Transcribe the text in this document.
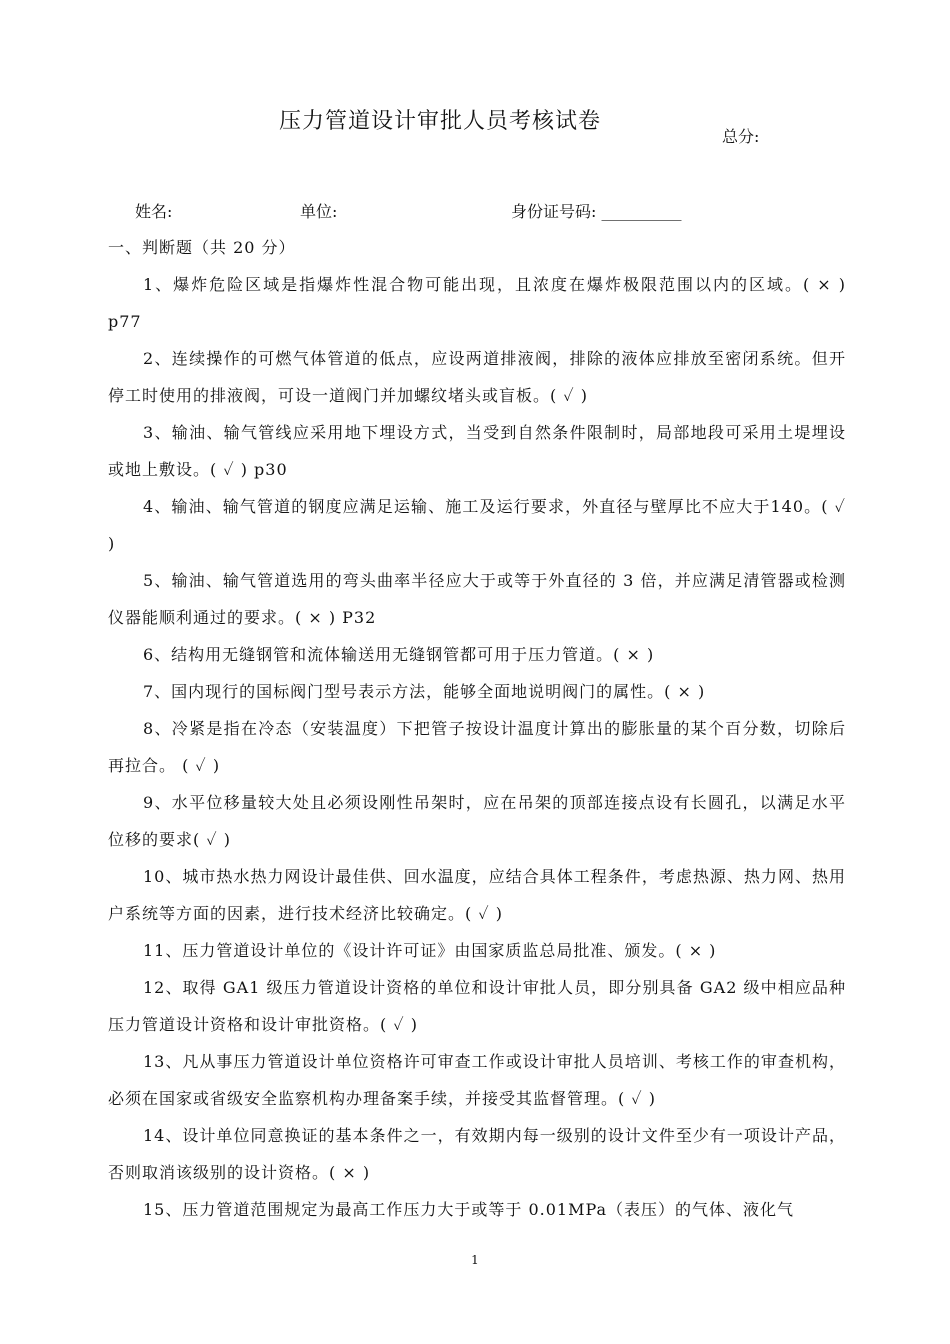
压力管道设计审批人员考核试卷
总分:
姓名:	单位:	身份证号码: __________
一、判断题（共 20 分）

1、爆炸危险区域是指爆炸性混合物可能出现，且浓度在爆炸极限范围以内的区域。( × ) p77

2、连续操作的可燃气体管道的低点，应设两道排液阀，排除的液体应排放至密闭系统。但开停工时使用的排液阀，可设一道阀门并加螺纹堵头或盲板。( ✓ )

3、输油、输气管线应采用地下埋设方式，当受到自然条件限制时，局部地段可采用土堤埋设或地上敷设。( ✓ ) p30

4、输油、输气管道的钢度应满足运输、施工及运行要求，外直径与壁厚比不应大于140。( ✓ )

5、输油、输气管道选用的弯头曲率半径应大于或等于外直径的 3 倍，并应满足清管器或检测仪器能顺利通过的要求。( × ) P32

6、结构用无缝钢管和流体输送用无缝钢管都可用于压力管道。( × )

7、国内现行的国标阀门型号表示方法，能够全面地说明阀门的属性。( × )

8、冷紧是指在冷态（安装温度）下把管子按设计温度计算出的膨胀量的某个百分数，切除后再拉合。 ( ✓ )

9、水平位移量较大处且必须设刚性吊架时，应在吊架的顶部连接点设有长圆孔，以满足水平位移的要求( ✓ )

10、城市热水热力网设计最佳供、回水温度，应结合具体工程条件，考虑热源、热力网、热用户系统等方面的因素，进行技术经济比较确定。( ✓ )

11、压力管道设计单位的《设计许可证》由国家质监总局批准、颁发。( × )

12、取得 GA1 级压力管道设计资格的单位和设计审批人员，即分别具备 GA2 级中相应品种压力管道设计资格和设计审批资格。( ✓ )

13、凡从事压力管道设计单位资格许可审查工作或设计审批人员培训、考核工作的审查机构，必须在国家或省级安全监察机构办理备案手续，并接受其监督管理。( ✓ )

14、设计单位同意换证的基本条件之一，有效期内每一级别的设计文件至少有一项设计产品，否则取消该级别的设计资格。( × )

15、压力管道范围规定为最高工作压力大于或等于 0.01MPa（表压）的气体、液化气

1
